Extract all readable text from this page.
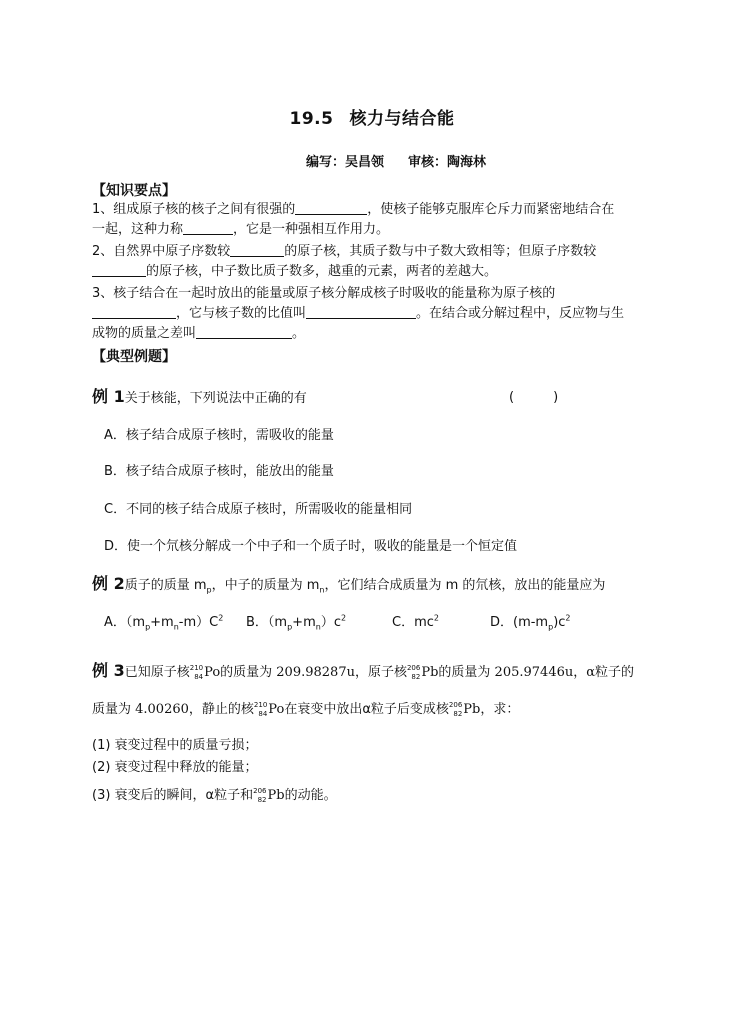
19.5 核力与结合能
编写：吴昌领 审核：陶海林
【知识要点】
1、组成原子核的核子之间有很强的	，使核子能够克服库仑斥力而紧密地结合在
一起，这种力称	，它是一种强相互作用力。
2、自然界中原子序数较	的原子核，其质子数与中子数大致相等；但原子序数较
的原子核，中子数比质子数多，越重的元素，两者的差越大。
3、核子结合在一起时放出的能量或原子核分解成核子时吸收的能量称为原子核的
，它与核子数的比值叫	。在结合或分解过程中，反应物与生
成物的质量之差叫	。
【典型例题】
例 1关于核能，下列说法中正确的有	(　　　)
A．核子结合成原子核时，需吸收的能量
B．核子结合成原子核时，能放出的能量
C．不同的核子结合成原子核时，所需吸收的能量相同
D．使一个氘核分解成一个中子和一个质子时，吸收的能量是一个恒定值
例 2质子的质量 $m_p$，中子的质量为 $m_n$，它们结合成质量为 m 的氘核，放出的能量应为
A．$(m_p+m_n-m)C^2$ B．$(m_p+m_n)c^2$	C．$mc^2$	D．$(m-m_p)c^2$
例 3已知原子核 210
84 Po 的质量为 209.98287u，原子核 206
82 Pb 的质量为 205.97446u，α粒子的
质量为 4.00260，静止的核 210
84 Po 在衰变中放出α粒子后变成核 206
82 Pb ，求：
(1) 衰变过程中的质量亏损；
(2) 衰变过程中释放的能量；
(3) 衰变后的瞬间，α粒子和 206
82 Pb 的动能。
